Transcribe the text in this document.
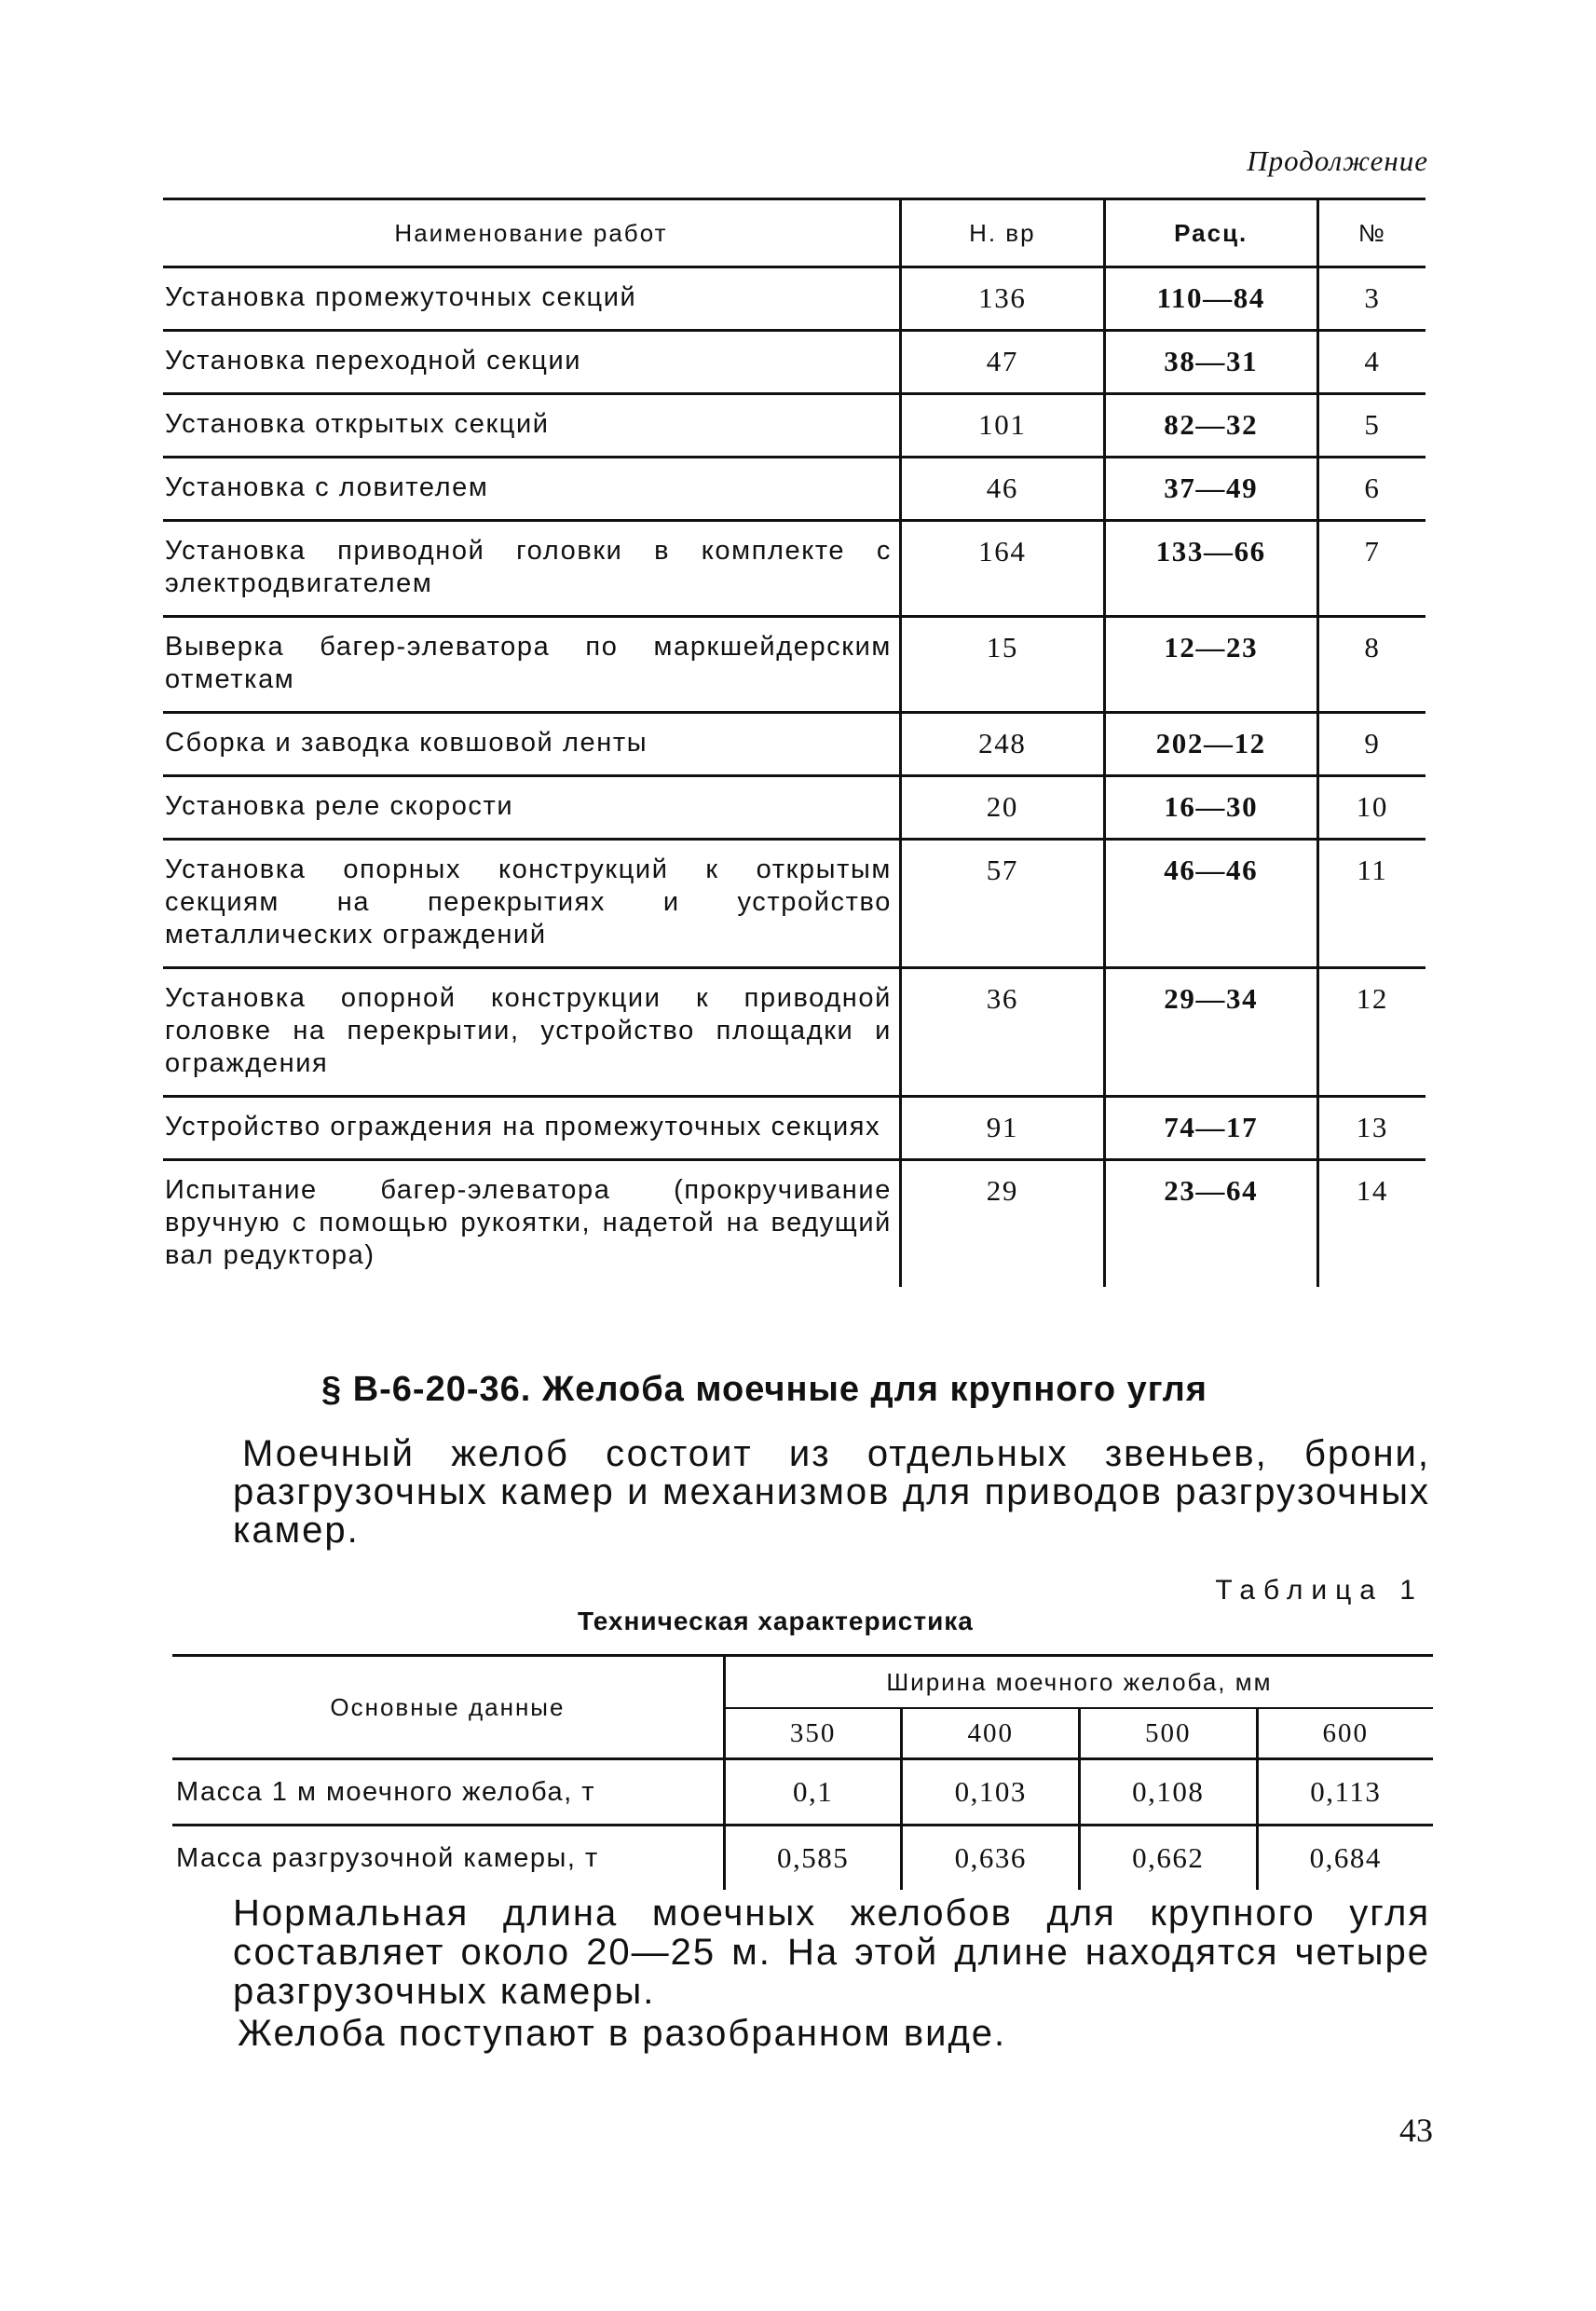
Продолжение
Наименование работ	Н. вр	Расц.	№
Установка промежуточных секций	136	110—84	3
Установка переходной секции	47	38—31	4
Установка открытых секций	101	82—32	5
Установка с ловителем	46	37—49	6
Установка приводной головки в комплекте с электродвигателем	164	133—66	7
Выверка багер-элеватора по маркшейдерским отметкам	15	12—23	8
Сборка и заводка ковшовой ленты	248	202—12	9
Установка реле скорости	20	16—30	10
Установка опорных конструкций к открытым секциям на перекрытиях и устройство металлических ограждений	57	46—46	11
Установка опорной конструкции к приводной головке на перекрытии, устройство площадки и ограждения	36	29—34	12
Устройство ограждения на промежуточных секциях	91	74—17	13
Испытание багер-элеватора (прокручивание вручную с помощью рукоятки, надетой на ведущий вал редуктора)	29	23—64	14
§ В-6-20-36. Желоба моечные для крупного угля
Моечный желоб состоит из отдельных звеньев, брони, разгрузочных камер и механизмов для приводов разгрузочных камер.
Таблица 1
Техническая характеристика
Основные данные	Ширина моечного желоба, мм			
	350	400	500	600
Масса 1 м моечного желоба, т	0,1	0,103	0,108	0,113
Масса разгрузочной камеры, т	0,585	0,636	0,662	0,684
Нормальная длина моечных желобов для крупного угля составляет около 20—25 м. На этой длине находятся четыре разгрузочных камеры.
Желоба поступают в разобранном виде.
43
